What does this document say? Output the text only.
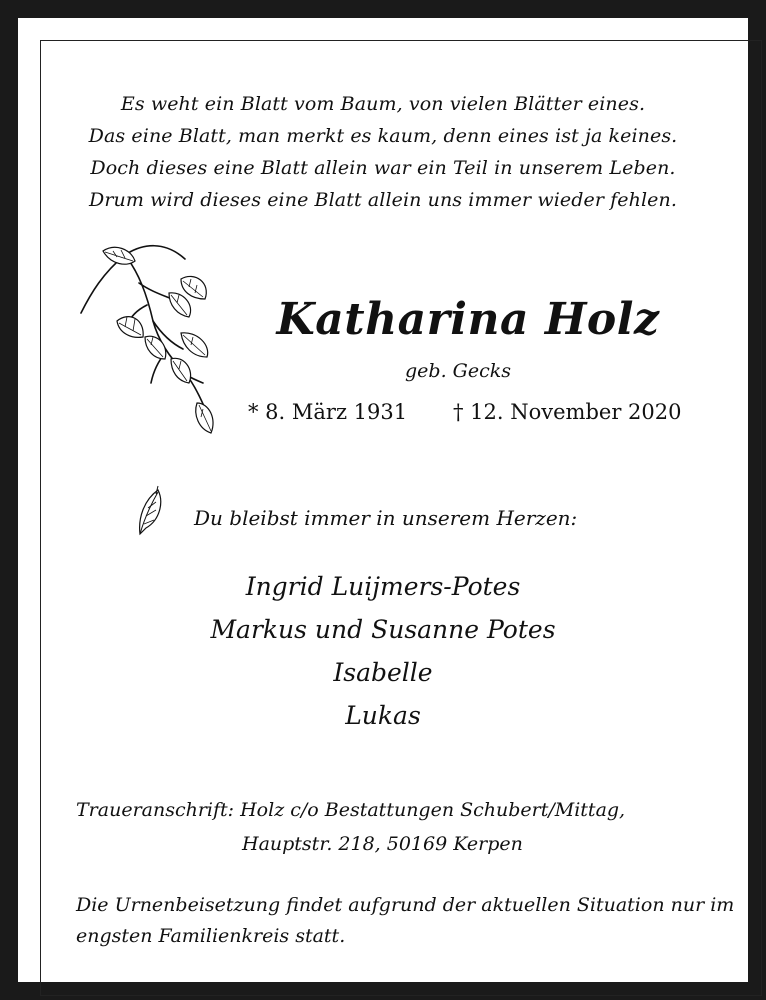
Es weht ein Blatt vom Baum, von vielen Blätter eines.
Das eine Blatt, man merkt es kaum, denn eines ist ja keines.
Doch dieses eine Blatt allein war ein Teil in unserem Leben.
Drum wird dieses eine Blatt allein uns immer wieder fehlen.
Katharina Holz
geb. Gecks
* 8. März 1931 † 12. November 2020
Du bleibst immer in unserem Herzen:
Ingrid Luijmers-Potes
Markus und Susanne Potes
Isabelle
Lukas
Traueranschrift: Holz c/o Bestattungen Schubert/Mittag,
Hauptstr. 218, 50169 Kerpen
Die Urnenbeisetzung findet aufgrund der aktuellen Situation nur im engsten Familienkreis statt.
